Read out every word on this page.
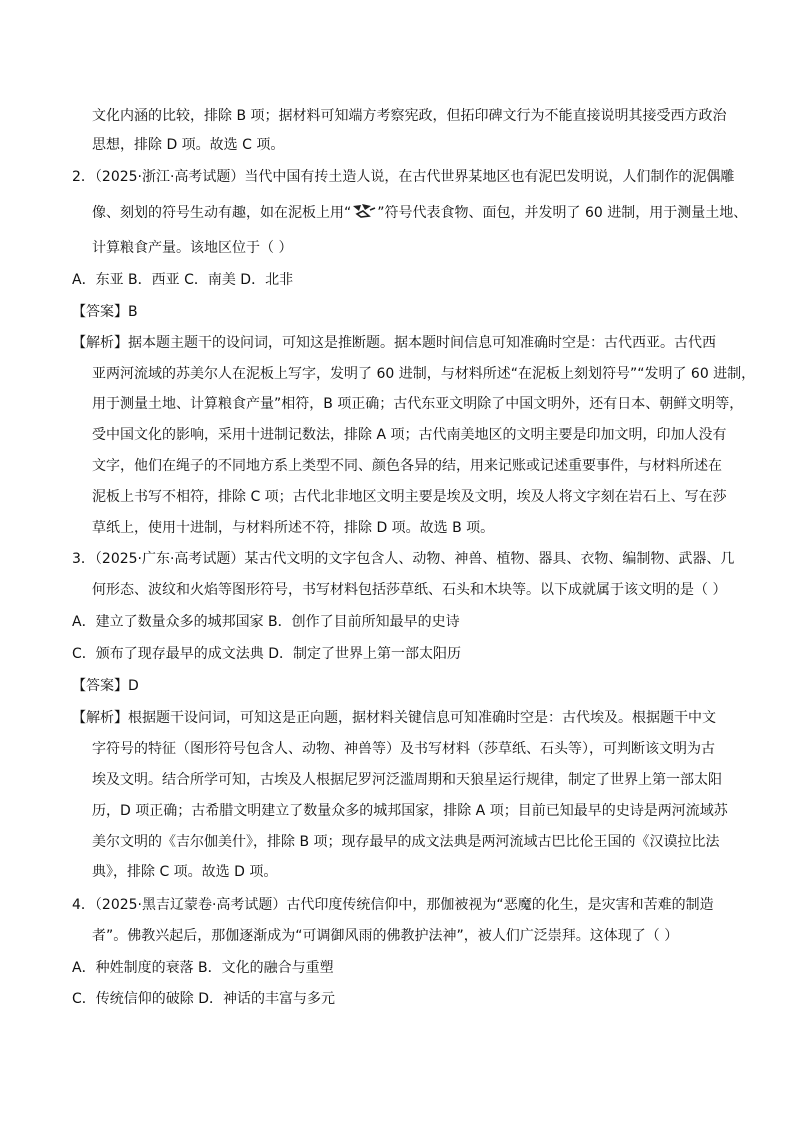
文化内涵的比较，排除 B 项；据材料可知端方考察宪政，但拓印碑文行为不能直接说明其接受西方政治
思想，排除 D 项。故选 C 项。
2．（2025·浙江·高考试题）当代中国有抟土造人说，在古代世界某地区也有泥巴发明说，人们制作的泥偶雕
像、刻划的符号生动有趣，如在泥板上用“ ”符号代表食物、面包，并发明了 60 进制，用于测量土地、
计算粮食产量。该地区位于（ ）
A．东亚 B．西亚 C．南美 D．北非
【答案】B
【解析】据本题主题干的设问词，可知这是推断题。据本题时间信息可知准确时空是：古代西亚。古代西
亚两河流域的苏美尔人在泥板上写字，发明了 60 进制，与材料所述“在泥板上刻划符号”“发明了 60 进制，
用于测量土地、计算粮食产量”相符，B 项正确；古代东亚文明除了中国文明外，还有日本、朝鲜文明等，
受中国文化的影响，采用十进制记数法，排除 A 项；古代南美地区的文明主要是印加文明，印加人没有
文字，他们在绳子的不同地方系上类型不同、颜色各异的结，用来记账或记述重要事件，与材料所述在
泥板上书写不相符，排除 C 项；古代北非地区文明主要是埃及文明，埃及人将文字刻在岩石上、写在莎
草纸上，使用十进制，与材料所述不符，排除 D 项。故选 B 项。
3．（2025·广东·高考试题）某古代文明的文字包含人、动物、神兽、植物、器具、衣物、编制物、武器、几
何形态、波纹和火焰等图形符号，书写材料包括莎草纸、石头和木块等。以下成就属于该文明的是（ ）
A．建立了数量众多的城邦国家 B．创作了目前所知最早的史诗
C．颁布了现存最早的成文法典 D．制定了世界上第一部太阳历
【答案】D
【解析】根据题干设问词，可知这是正向题，据材料关键信息可知准确时空是：古代埃及。根据题干中文
字符号的特征（图形符号包含人、动物、神兽等）及书写材料（莎草纸、石头等），可判断该文明为古
埃及文明。结合所学可知，古埃及人根据尼罗河泛滥周期和天狼星运行规律，制定了世界上第一部太阳
历，D 项正确；古希腊文明建立了数量众多的城邦国家，排除 A 项；目前已知最早的史诗是两河流域苏
美尔文明的《吉尔伽美什》，排除 B 项；现存最早的成文法典是两河流域古巴比伦王国的《汉谟拉比法
典》，排除 C 项。故选 D 项。
4．（2025·黑吉辽蒙卷·高考试题）古代印度传统信仰中，那伽被视为“恶魔的化生，是灾害和苦难的制造
者”。佛教兴起后，那伽逐渐成为“可调御风雨的佛教护法神”，被人们广泛崇拜。这体现了（ ）
A．种姓制度的衰落 B．文化的融合与重塑
C．传统信仰的破除 D．神话的丰富与多元
